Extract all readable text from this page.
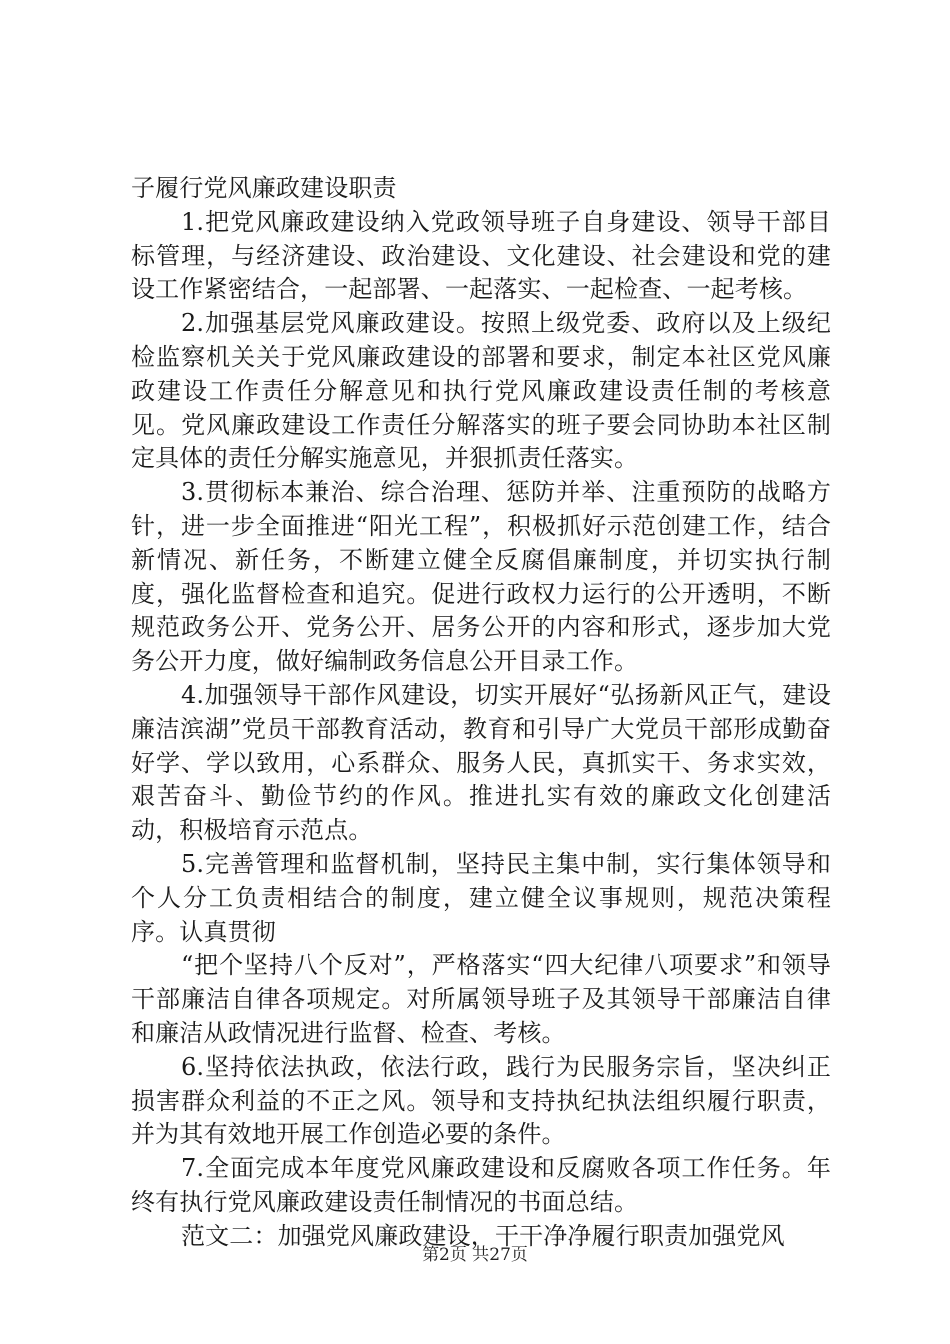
子履行党风廉政建设职责

1.把党风廉政建设纳入党政领导班子自身建设、领导干部目标管理，与经济建设、政治建设、文化建设、社会建设和党的建设工作紧密结合，一起部署、一起落实、一起检查、一起考核。

2.加强基层党风廉政建设。按照上级党委、政府以及上级纪检监察机关关于党风廉政建设的部署和要求，制定本社区党风廉政建设工作责任分解意见和执行党风廉政建设责任制的考核意见。党风廉政建设工作责任分解落实的班子要会同协助本社区制定具体的责任分解实施意见，并狠抓责任落实。

3.贯彻标本兼治、综合治理、惩防并举、注重预防的战略方针，进一步全面推进“阳光工程”，积极抓好示范创建工作，结合新情况、新任务，不断建立健全反腐倡廉制度，并切实执行制度，强化监督检查和追究。促进行政权力运行的公开透明，不断规范政务公开、党务公开、居务公开的内容和形式，逐步加大党务公开力度，做好编制政务信息公开目录工作。

4.加强领导干部作风建设，切实开展好“弘扬新风正气，建设廉洁滨湖”党员干部教育活动，教育和引导广大党员干部形成勤奋好学、学以致用，心系群众、服务人民，真抓实干、务求实效，艰苦奋斗、勤俭节约的作风。推进扎实有效的廉政文化创建活动，积极培育示范点。

5.完善管理和监督机制，坚持民主集中制，实行集体领导和个人分工负责相结合的制度，建立健全议事规则，规范决策程序。认真贯彻

“把个坚持八个反对”，严格落实“四大纪律八项要求”和领导干部廉洁自律各项规定。对所属领导班子及其领导干部廉洁自律和廉洁从政情况进行监督、检查、考核。

6.坚持依法执政，依法行政，践行为民服务宗旨，坚决纠正损害群众利益的不正之风。领导和支持执纪执法组织履行职责，并为其有效地开展工作创造必要的条件。

7.全面完成本年度党风廉政建设和反腐败各项工作任务。年终有执行党风廉政建设责任制情况的书面总结。

范文二：加强党风廉政建设，干干净净履行职责加强党风

第2页 共27页
